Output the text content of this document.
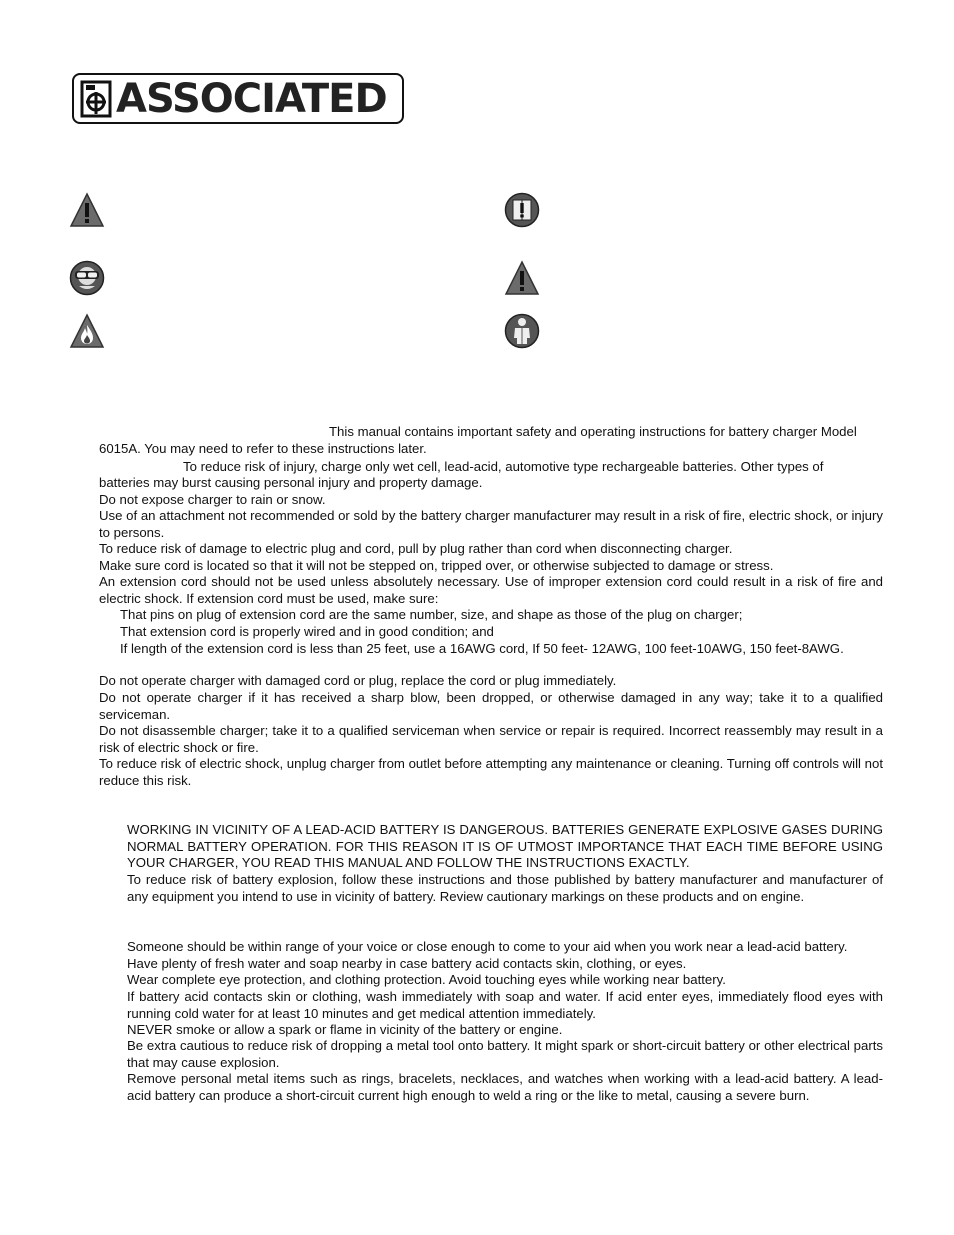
ASSOCIATED

This manual contains important safety and operating instructions for battery charger Model

6015A. You may need to refer to these instructions later.

To reduce risk of injury, charge only wet cell, lead-acid, automotive type rechargeable batteries. Other types of

batteries may burst causing personal injury and property damage.

Do not expose charger to rain or snow.

Use of an attachment not recommended or sold by the battery charger manufacturer may result in a risk of fire, electric shock, or injury to persons.

To reduce risk of damage to electric plug and cord, pull by plug rather than cord when disconnecting charger.

Make sure cord is located so that it will not be stepped on, tripped over, or otherwise subjected to damage or stress.

An extension cord should not be used unless absolutely necessary. Use of improper extension cord could result in a risk of fire and electric shock. If extension cord must be used, make sure:

That pins on plug of extension cord are the same number, size, and shape as those of the plug on charger;

That extension cord is properly wired and in good condition; and

If length of the extension cord is less than 25 feet, use a 16AWG cord, If 50 feet- 12AWG, 100 feet-10AWG, 150 feet-8AWG.

Do not operate charger with damaged cord or plug, replace the cord or plug immediately.

Do not operate charger if it has received a sharp blow, been dropped, or otherwise damaged in any way; take it to a qualified serviceman.

Do not disassemble charger; take it to a qualified serviceman when service or repair is required. Incorrect reassembly may result in a risk of electric shock or fire.

To reduce risk of electric shock, unplug charger from outlet before attempting any maintenance or cleaning. Turning off controls will not reduce this risk.

WORKING IN VICINITY OF A LEAD-ACID BATTERY IS DANGEROUS. BATTERIES GENERATE EXPLOSIVE GASES DURING NORMAL BATTERY OPERATION. FOR THIS REASON IT IS OF UTMOST IMPORTANCE THAT EACH TIME BEFORE USING YOUR CHARGER, YOU READ THIS MANUAL AND FOLLOW THE INSTRUCTIONS EXACTLY.

To reduce risk of battery explosion, follow these instructions and those published by battery manufacturer and manufacturer of any equipment you intend to use in vicinity of battery. Review cautionary markings on these products and on engine.

Someone should be within range of your voice or close enough to come to your aid when you work near a lead-acid battery.

Have plenty of fresh water and soap nearby in case battery acid contacts skin, clothing, or eyes.

Wear complete eye protection, and clothing protection. Avoid touching eyes while working near battery.

If battery acid contacts skin or clothing, wash immediately with soap and water. If acid enter eyes, immediately flood eyes with running cold water for at least 10 minutes and get medical attention immediately.

NEVER smoke or allow a spark or flame in vicinity of the battery or engine.

Be extra cautious to reduce risk of dropping a metal tool onto battery. It might spark or short-circuit battery or other electrical parts that may cause explosion.

Remove personal metal items such as rings, bracelets, necklaces, and watches when working with a lead-acid battery. A lead-acid battery can produce a short-circuit current high enough to weld a ring or the like to metal, causing a severe burn.
